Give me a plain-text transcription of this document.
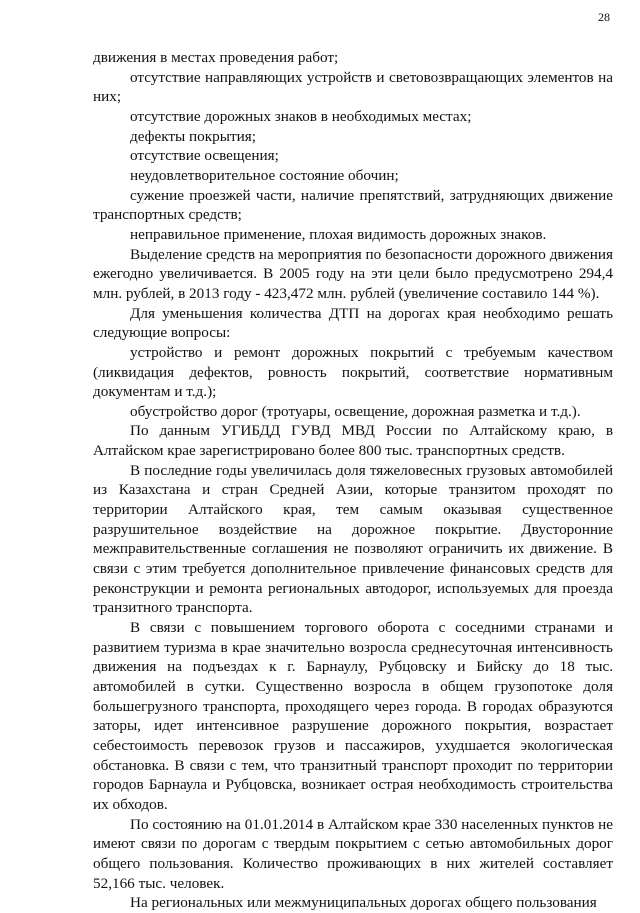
28

движения в местах проведения работ;

отсутствие направляющих устройств и световозвращающих элементов на них;

отсутствие дорожных знаков в необходимых местах;

дефекты покрытия;

отсутствие освещения;

неудовлетворительное состояние обочин;

сужение проезжей части, наличие препятствий, затрудняющих движение транспортных средств;

неправильное применение, плохая видимость дорожных знаков.

Выделение средств на мероприятия по безопасности дорожного движения ежегодно увеличивается. В 2005 году на эти цели было предусмотрено 294,4 млн. рублей, в 2013 году - 423,472 млн. рублей (увеличение составило 144 %).

Для уменьшения количества ДТП на дорогах края необходимо решать следующие вопросы:

устройство и ремонт дорожных покрытий с требуемым качеством (ликвидация дефектов, ровность покрытий, соответствие нормативным документам и т.д.);

обустройство дорог (тротуары, освещение, дорожная разметка и т.д.).

По данным УГИБДД ГУВД МВД России по Алтайскому краю, в Алтайском крае зарегистрировано более 800 тыс. транспортных средств.

В последние годы увеличилась доля тяжеловесных грузовых автомобилей из Казахстана и стран Средней Азии, которые транзитом проходят по территории Алтайского края, тем самым оказывая существенное разрушительное воздействие на дорожное покрытие. Двусторонние межправительственные соглашения не позволяют ограничить их движение. В связи с этим требуется дополнительное привлечение финансовых средств для реконструкции и ремонта региональных автодорог, используемых для проезда транзитного транспорта.

В связи с повышением торгового оборота с соседними странами и развитием туризма в крае значительно возросла среднесуточная интенсивность движения на подъездах к г. Барнаулу, Рубцовску и Бийску до 18 тыс. автомобилей в сутки. Существенно возросла в общем грузопотоке доля большегрузного транспорта, проходящего через города. В городах образуются заторы, идет интенсивное разрушение дорожного покрытия, возрастает себестоимость перевозок грузов и пассажиров, ухудшается экологическая обстановка. В связи с тем, что транзитный транспорт проходит по территории городов Барнаула и Рубцовска, возникает острая необходимость строительства их обходов.

По состоянию на 01.01.2014 в Алтайском крае 330 населенных пунктов не имеют связи по дорогам с твердым покрытием с сетью автомобильных дорог общего пользования. Количество проживающих в них жителей составляет 52,166 тыс. человек.

На региональных или межмуниципальных дорогах общего пользования
